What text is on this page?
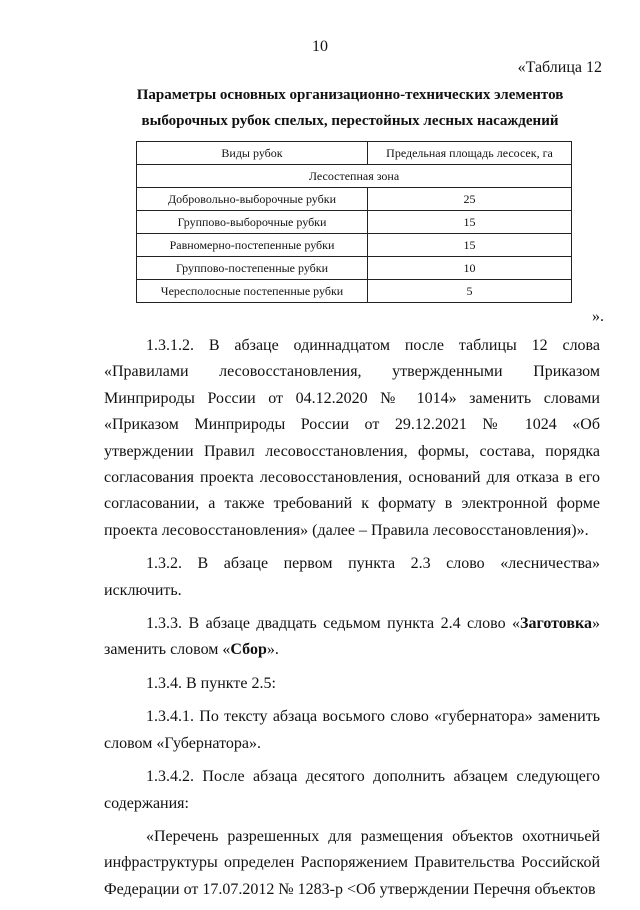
10
«Таблица 12
Параметры основных организационно-технических элементов выборочных рубок спелых, перестойных лесных насаждений
Виды рубок	Предельная площадь лесосек, га
Лесостепная зона	
Добровольно-выборочные рубки	25
Группово-выборочные рубки	15
Равномерно-постепенные рубки	15
Группово-постепенные рубки	10
Чересполосные постепенные рубки	5
».

1.3.1.2. В абзаце одиннадцатом после таблицы 12 слова «Правилами лесовосстановления, утвержденными Приказом Минприроды России от 04.12.2020 № 1014» заменить словами «Приказом Минприроды России от 29.12.2021 № 1024 «Об утверждении Правил лесовосстановления, формы, состава, порядка согласования проекта лесовосстановления, оснований для отказа в его согласовании, а также требований к формату в электронной форме проекта лесовосстановления» (далее – Правила лесовосстановления)».

1.3.2. В абзаце первом пункта 2.3 слово «лесничества» исключить.

1.3.3. В абзаце двадцать седьмом пункта 2.4 слово «Заготовка» заменить словом «Сбор».

1.3.4. В пункте 2.5:

1.3.4.1. По тексту абзаца восьмого слово «губернатора» заменить словом «Губернатора».

1.3.4.2. После абзаца десятого дополнить абзацем следующего содержания:

«Перечень разрешенных для размещения объектов охотничьей инфраструктуры определен Распоряжением Правительства Российской Федерации от 17.07.2012 № 1283-р <Об утверждении Перечня объектов
